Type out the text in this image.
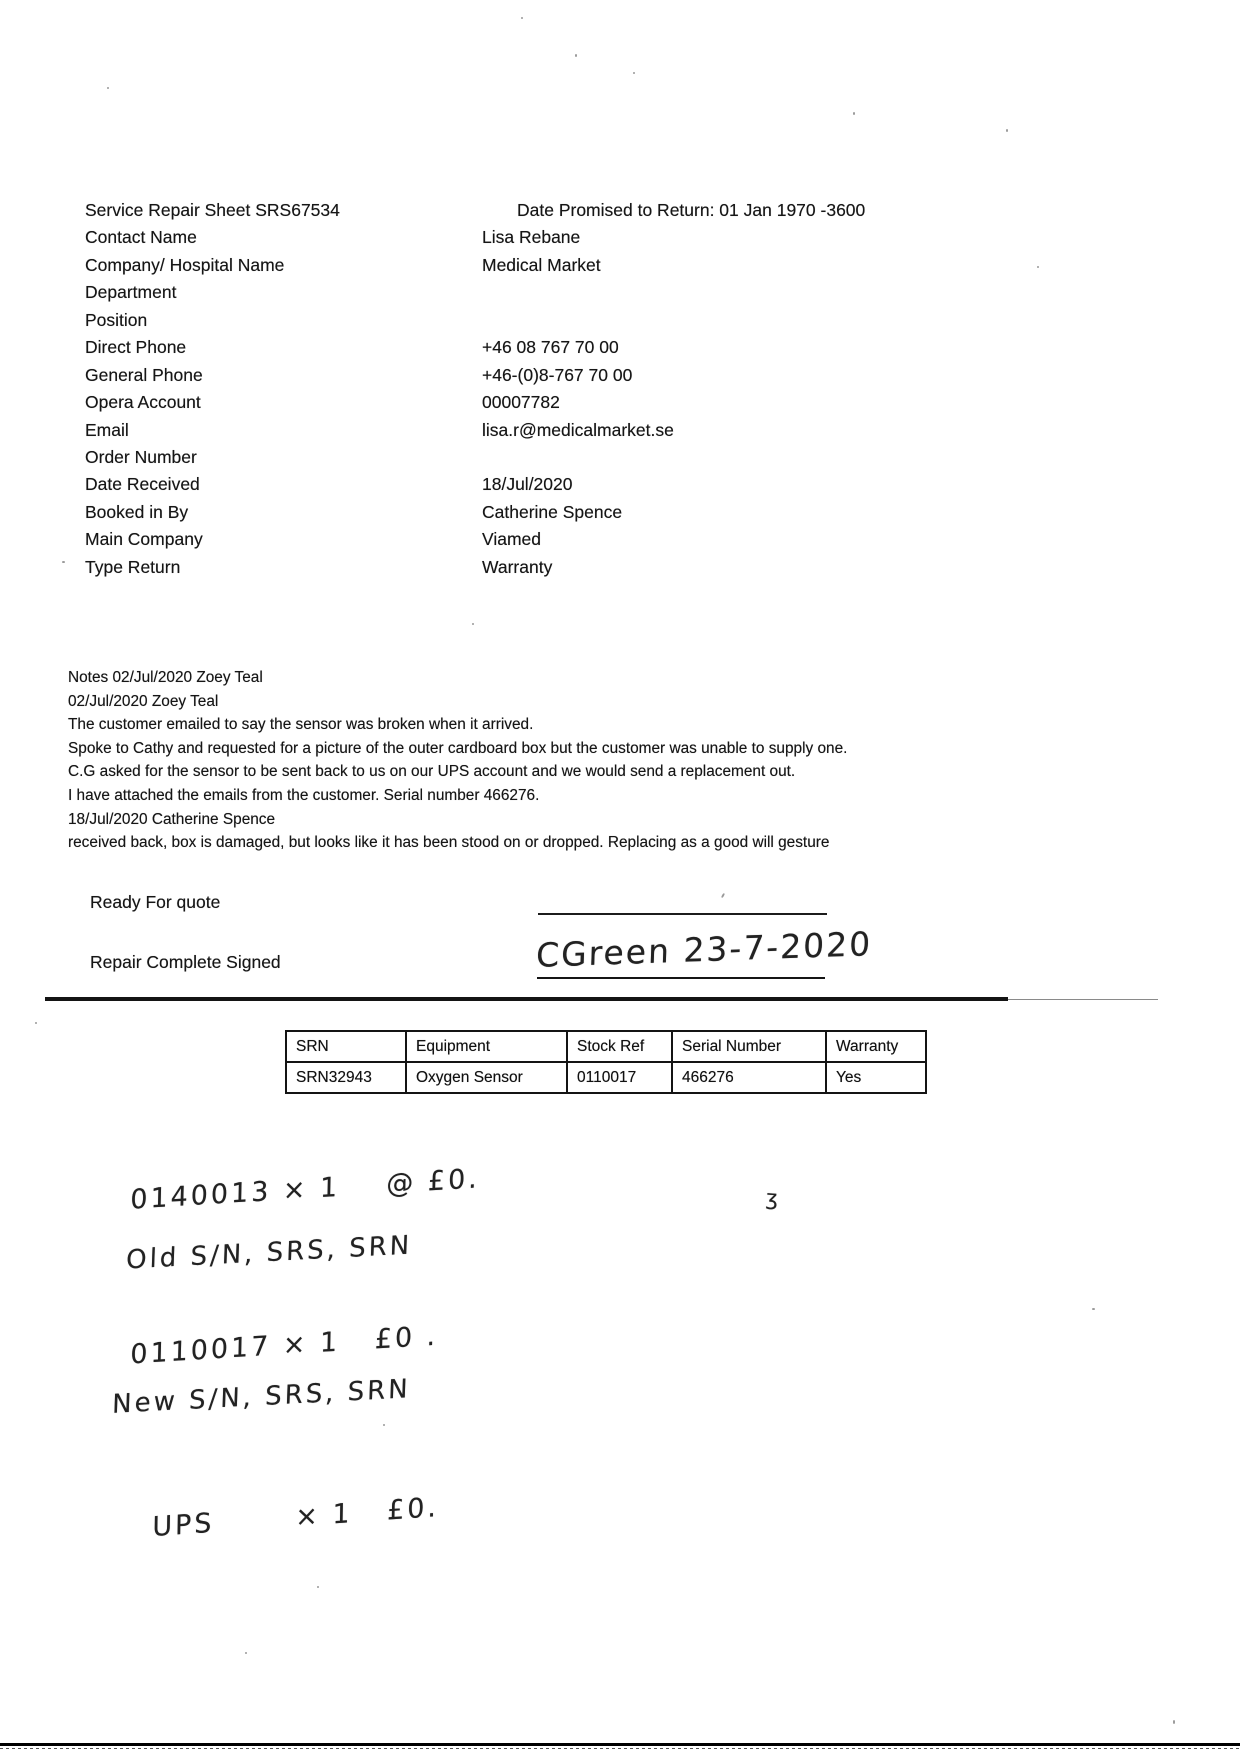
Service Repair Sheet SRS67534	Date Promised to Return: 01 Jan 1970 -3600
Contact Name	Lisa Rebane
Company/ Hospital Name	Medical Market
Department
Position
Direct Phone	+46 08 767 70 00
General Phone	+46-(0)8-767 70 00
Opera Account	00007782
Email	lisa.r@medicalmarket.se
Order Number
Date Received	18/Jul/2020
Booked in By	Catherine Spence
Main Company	Viamed
Type Return	Warranty
Notes 02/Jul/2020 Zoey Teal
02/Jul/2020 Zoey Teal
The customer emailed to say the sensor was broken when it arrived.
Spoke to Cathy and requested for a picture of the outer cardboard box but the customer was unable to supply one.
C.G asked for the sensor to be sent back to us on our UPS account and we would send a replacement out.
I have attached the emails from the customer. Serial number 466276.
18/Jul/2020 Catherine Spence
received back, box is damaged, but looks like it has been stood on or dropped. Replacing as a good will gesture
Ready For quote
Repair Complete Signed	CGreen 23-7-2020
SRN	Equipment	Stock Ref	Serial Number	Warranty
SRN32943	Oxygen Sensor	0110017	466276	Yes
ʒ
0140013 × 1    @ £0.
Old S/N, SRS, SRN
0110017 × 1   £0 .
New S/N, SRS, SRN
UPS       × 1   £0.
